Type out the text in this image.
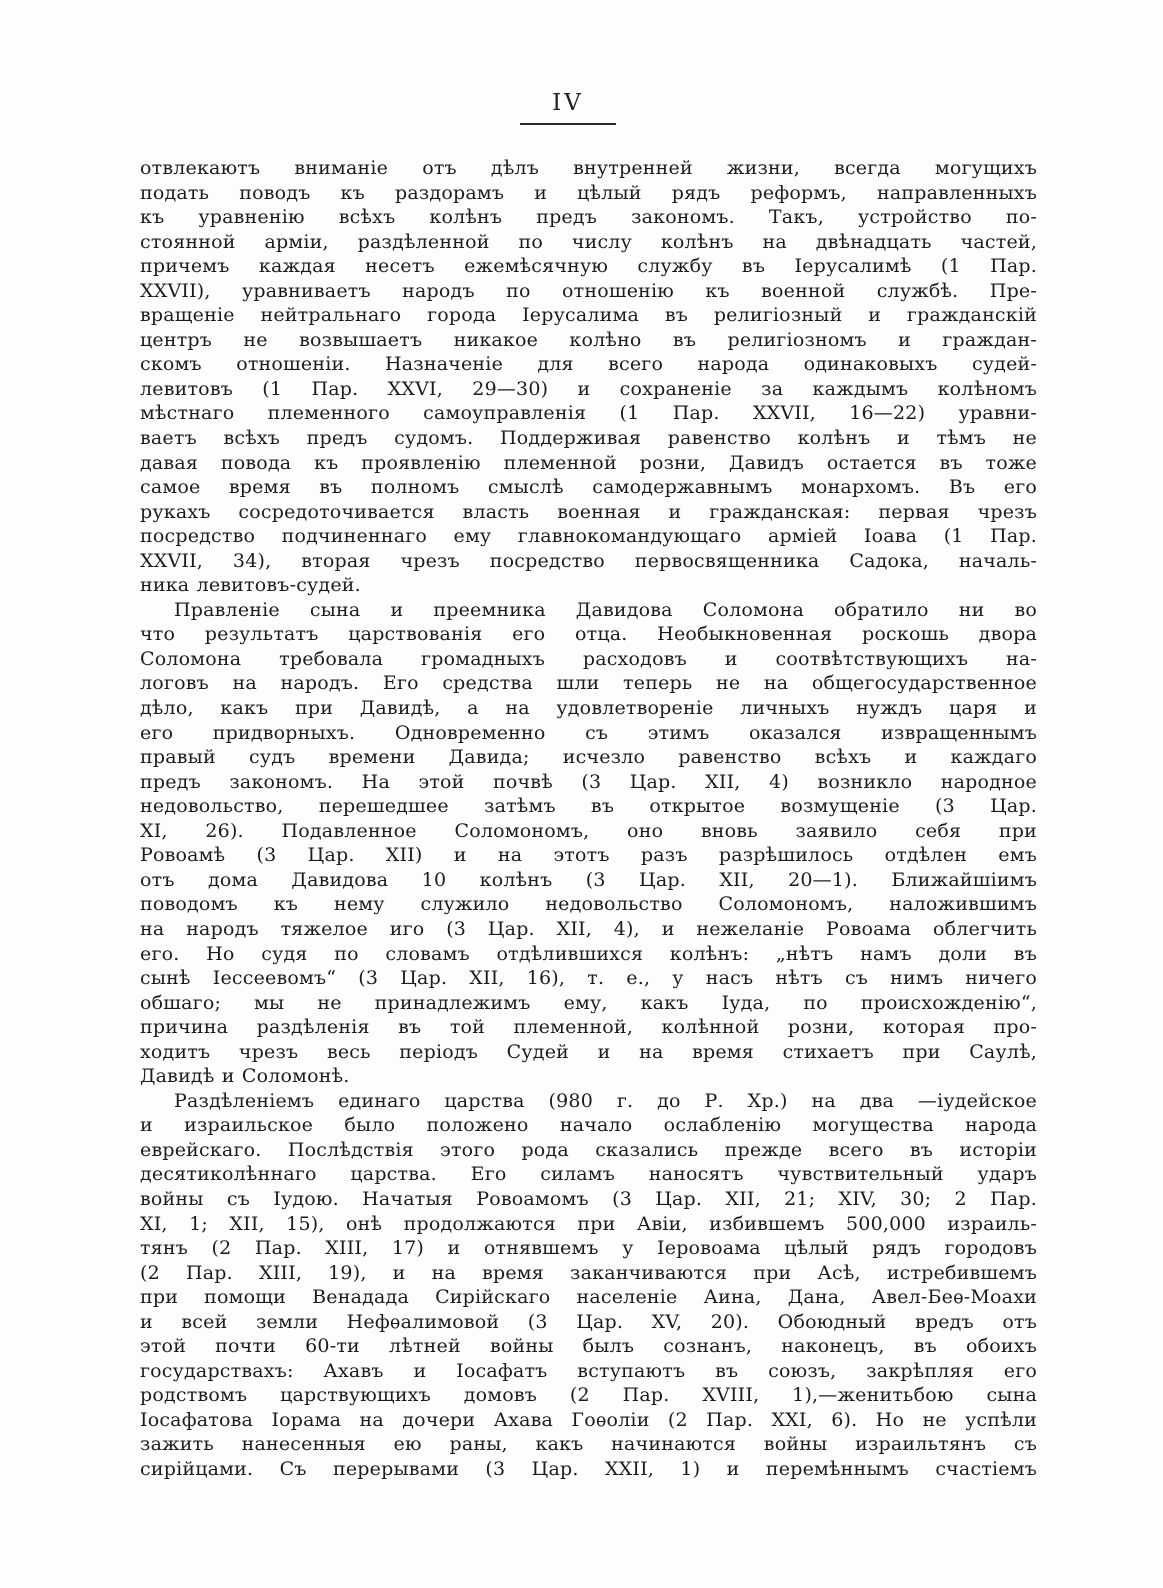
IV
отвлекаютъ вниманіе отъ дѣлъ внутренней жизни, всегда могущихъ
подать поводъ къ раздорамъ и цѣлый рядъ реформъ, направленныхъ
къ уравненію всѣхъ колѣнъ предъ закономъ. Такъ, устройство по-
стоянной арміи, раздѣленной по числу колѣнъ на двѣнадцать частей,
причемъ каждая несетъ ежемѣсячную службу въ Іерусалимѣ (1 Пар.
XXVII), уравниваетъ народъ по отношенію къ военной службѣ. Пре-
вращеніе нейтральнаго города Іерусалима въ религіозный и гражданскій
центръ не возвышаетъ никакое колѣно въ религіозномъ и граждан-
скомъ отношеніи. Назначеніе для всего народа одинаковыхъ судей-
левитовъ (1 Пар. XXVI, 29—30) и сохраненіе за каждымъ колѣномъ
мѣстнаго племенного самоуправленія (1 Пар. XXVII, 16—22) уравни-
ваетъ всѣхъ предъ судомъ. Поддерживая равенство колѣнъ и тѣмъ не
давая повода къ проявленію племенной розни, Давидъ остается въ тоже
самое время въ полномъ смыслѣ самодержавнымъ монархомъ. Въ его
рукахъ сосредоточивается власть военная и гражданская: первая чрезъ
посредство подчиненнаго ему главнокомандующаго арміей Іоава (1 Пар.
XXVII, 34), вторая чрезъ посредство первосвященника Садока, началь-
ника левитовъ-судей.
Правленіе сына и преемника Давидова Соломона обратило ни во
что результатъ царствованія его отца. Необыкновенная роскошь двора
Соломона требовала громадныхъ расходовъ и соотвѣтствующихъ на-
логовъ на народъ. Его средства шли теперь не на общегосударственное
дѣло, какъ при Давидѣ, а на удовлетвореніе личныхъ нуждъ царя и
его придворныхъ. Одновременно съ этимъ оказался извращеннымъ
правый судъ времени Давида; исчезло равенство всѣхъ и каждаго
предъ закономъ. На этой почвѣ (3 Цар. XII, 4) возникло народное
недовольство, перешедшее затѣмъ въ открытое возмущеніе (3 Цар.
XI, 26). Подавленное Соломономъ, оно вновь заявило себя при
Ровоамѣ (3 Цар. XII) и на этотъ разъ разрѣшилось отдѣлен емъ
отъ дома Давидова 10 колѣнъ (3 Цар. XII, 20—1). Ближайшіимъ
поводомъ къ нему служило недовольство Соломономъ, наложившимъ
на народъ тяжелое иго (3 Цар. XII, 4), и нежеланіе Ровоама облегчить
его. Но судя по словамъ отдѣлившихся колѣнъ: „нѣтъ намъ доли въ
сынѣ Іессеевомъ“ (3 Цар. XII, 16), т. е., у насъ нѣтъ съ нимъ ничего
обшаго; мы не принадлежимъ ему, какъ Іуда, по происхожденію“,
причина раздѣленія въ той племенной, колѣнной розни, которая про-
ходитъ чрезъ весь періодъ Судей и на время стихаетъ при Саулѣ,
Давидѣ и Соломонѣ.
Раздѣленіемъ единаго царства (980 г. до Р. Хр.) на два —іудейское
и израильское было положено начало ослабленію могущества народа
еврейскаго. Послѣдствія этого рода сказались прежде всего въ исторіи
десятиколѣннаго царства. Его силамъ наносятъ чувствительный ударъ
войны съ Іудою. Начатыя Ровоамомъ (3 Цар. XII, 21; XIV, 30; 2 Пар.
XI, 1; XII, 15), онѣ продолжаются при Авіи, избившемъ 500,000 израиль-
тянъ (2 Пар. XIII, 17) и отнявшемъ у Іеровоама цѣлый рядъ городовъ
(2 Пар. XIII, 19), и на время заканчиваются при Асѣ, истребившемъ
при помощи Венадада Сирійскаго населеніе Аина, Дана, Авел-Беѳ-Моахи
и всей земли Нефѳалимовой (3 Цар. XV, 20). Обоюдный вредъ отъ
этой почти 60-ти лѣтней войны былъ сознанъ, наконецъ, въ обоихъ
государствахъ: Ахавъ и Іосафатъ вступаютъ въ союзъ, закрѣпляя его
родствомъ царствующихъ домовъ (2 Пар. XVIII, 1),—женитьбою сына
Іосафатова Іорама на дочери Ахава Гоѳоліи (2 Пар. XXI, 6). Но не успѣли
зажить нанесенныя ею раны, какъ начинаются войны израильтянъ съ
сирійцами. Съ перерывами (3 Цар. XXII, 1) и перемѣннымъ счастіемъ
